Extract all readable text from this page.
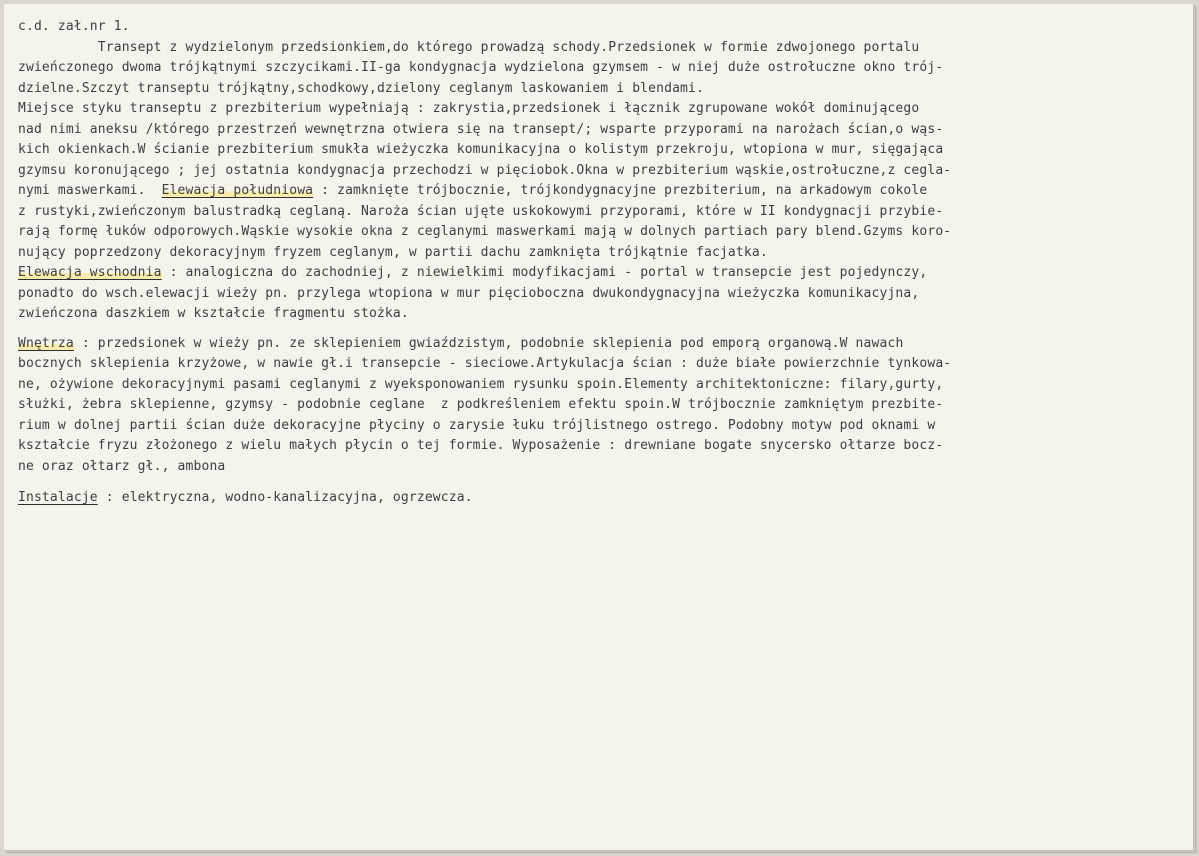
c.d. zał.nr 1.

Transept z wydzielonym przedsionkiem,do którego prowadzą schody.Przedsionek w formie zdwojonego portalu

zwieńczonego dwoma trójkątnymi szczycikami.II-ga kondygnacja wydzielona gzymsem - w niej duże ostrołuczne okno trój-

dzielne.Szczyt transeptu trójkątny,schodkowy,dzielony ceglanym laskowaniem i blendami.

Miejsce styku transeptu z prezbiterium wypełniają : zakrystia,przedsionek i łącznik zgrupowane wokół dominującego

nad nimi aneksu /którego przestrzeń wewnętrzna otwiera się na transept/; wsparte przyporami na narożach ścian,o wąs-

kich okienkach.W ścianie prezbiterium smukła wieżyczka komunikacyjna o kolistym przekroju, wtopiona w mur, sięgająca

gzymsu koronującego ; jej ostatnia kondygnacja przechodzi w pięciobok.Okna w prezbiterium wąskie,ostrołuczne,z cegla-

nymi maswerkami.  Elewacja południowa : zamknięte trójbocznie, trójkondygnacyjne prezbiterium, na arkadowym cokole

z rustyki,zwieńczonym balustradką ceglaną. Naroża ścian ujęte uskokowymi przyporami, które w II kondygnacji przybie-

rają formę łuków odporowych.Wąskie wysokie okna z ceglanymi maswerkami mają w dolnych partiach pary blend.Gzyms koro-

nujący poprzedzony dekoracyjnym fryzem ceglanym, w partii dachu zamknięta trójkątnie facjatka.

Elewacja wschodnia : analogiczna do zachodniej, z niewielkimi modyfikacjami - portal w transepcie jest pojedynczy,

ponadto do wsch.elewacji wieży pn. przylega wtopiona w mur pięcioboczna dwukondygnacyjna wieżyczka komunikacyjna,

zwieńczona daszkiem w kształcie fragmentu stożka.

Wnętrza : przedsionek w wieży pn. ze sklepieniem gwiaździstym, podobnie sklepienia pod emporą organową.W nawach

bocznych sklepienia krzyżowe, w nawie gł.i transepcie - sieciowe.Artykulacja ścian : duże białe powierzchnie tynkowa-

ne, ożywione dekoracyjnymi pasami ceglanymi z wyeksponowaniem rysunku spoin.Elementy architektoniczne: filary,gurty,

służki, żebra sklepienne, gzymsy - podobnie ceglane  z podkreśleniem efektu spoin.W trójbocznie zamkniętym prezbite-

rium w dolnej partii ścian duże dekoracyjne płyciny o zarysie łuku trójlistnego ostregо. Podobny motyw pod oknami w

kształcie fryzu złożonego z wielu małych płycin o tej formie. Wyposażenie : drewniane bogate snycersko ołtarze bocz-

ne oraz ołtarz gł., ambona

Instalacje : elektryczna, wodno-kanalizacyjna, ogrzewcza.
